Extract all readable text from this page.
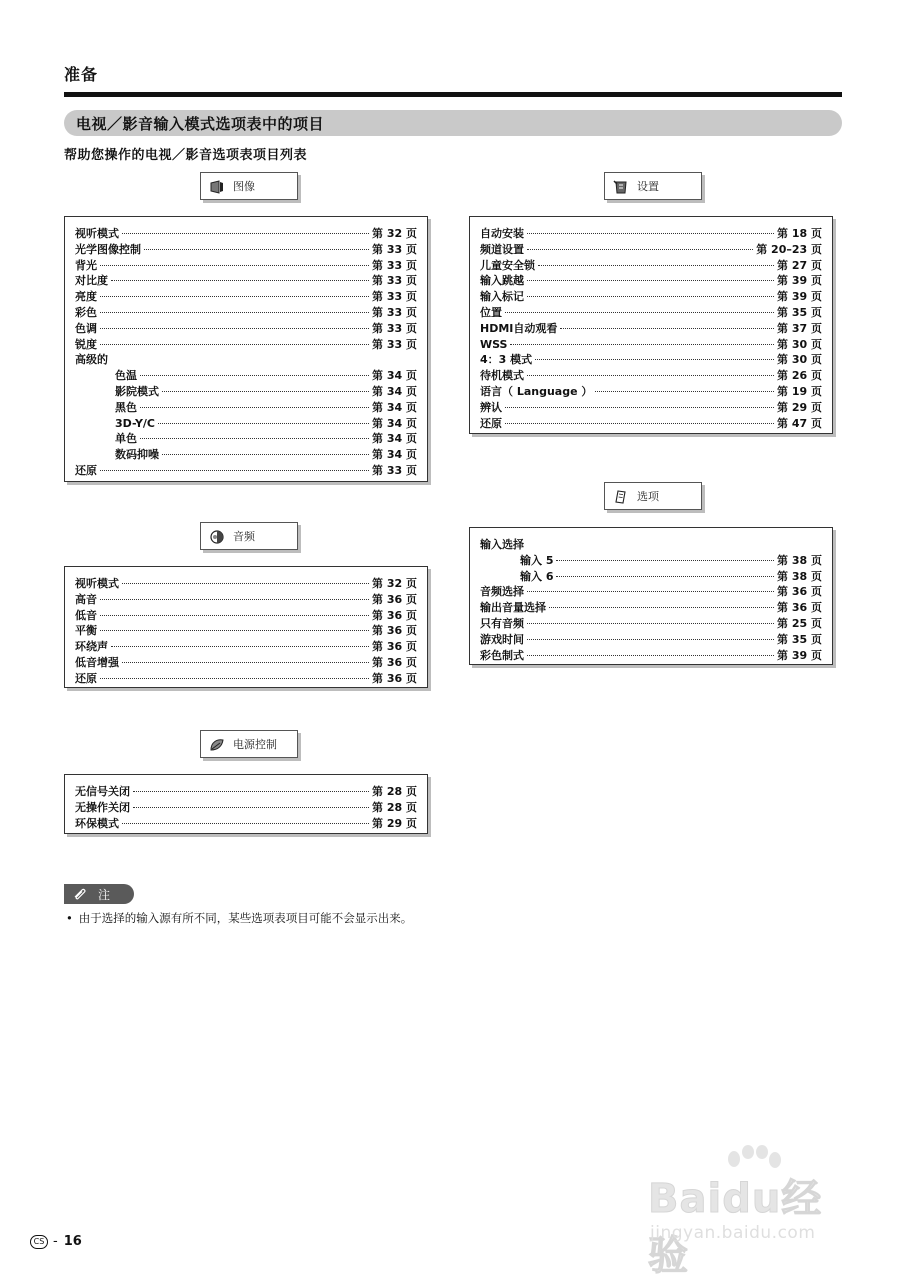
准备
电视／影音输入模式选项表中的项目
帮助您操作的电视／影音选项表项目列表
图像
视听模式	第 32 页
光学图像控制	第 33 页
背光	第 33 页
对比度	第 33 页
亮度	第 33 页
彩色	第 33 页
色调	第 33 页
锐度	第 33 页
高级的
色温	第 34 页
影院模式	第 34 页
黑色	第 34 页
3D-Y/C	第 34 页
单色	第 34 页
数码抑噪	第 34 页
还原	第 33 页
音频
视听模式	第 32 页
高音	第 36 页
低音	第 36 页
平衡	第 36 页
环绕声	第 36 页
低音增强	第 36 页
还原	第 36 页
电源控制
无信号关闭	第 28 页
无操作关闭	第 28 页
环保模式	第 29 页
设置
自动安装	第 18 页
频道设置	第 20–23 页
儿童安全锁	第 27 页
输入跳越	第 39 页
输入标记	第 39 页
位置	第 35 页
HDMI自动观看	第 37 页
WSS	第 30 页
4：3 模式	第 30 页
待机模式	第 26 页
语言（ Language ）	第 19 页
辨认	第 29 页
还原	第 47 页
选项
输入选择
输入 5	第 38 页
输入 6	第 38 页
音频选择	第 36 页
输出音量选择	第 36 页
只有音频	第 25 页
游戏时间	第 35 页
彩色制式	第 39 页
注
• 由于选择的输入源有所不同，某些选项表项目可能不会显示出来。
CS - 16
Baidu经验
jingyan.baidu.com
